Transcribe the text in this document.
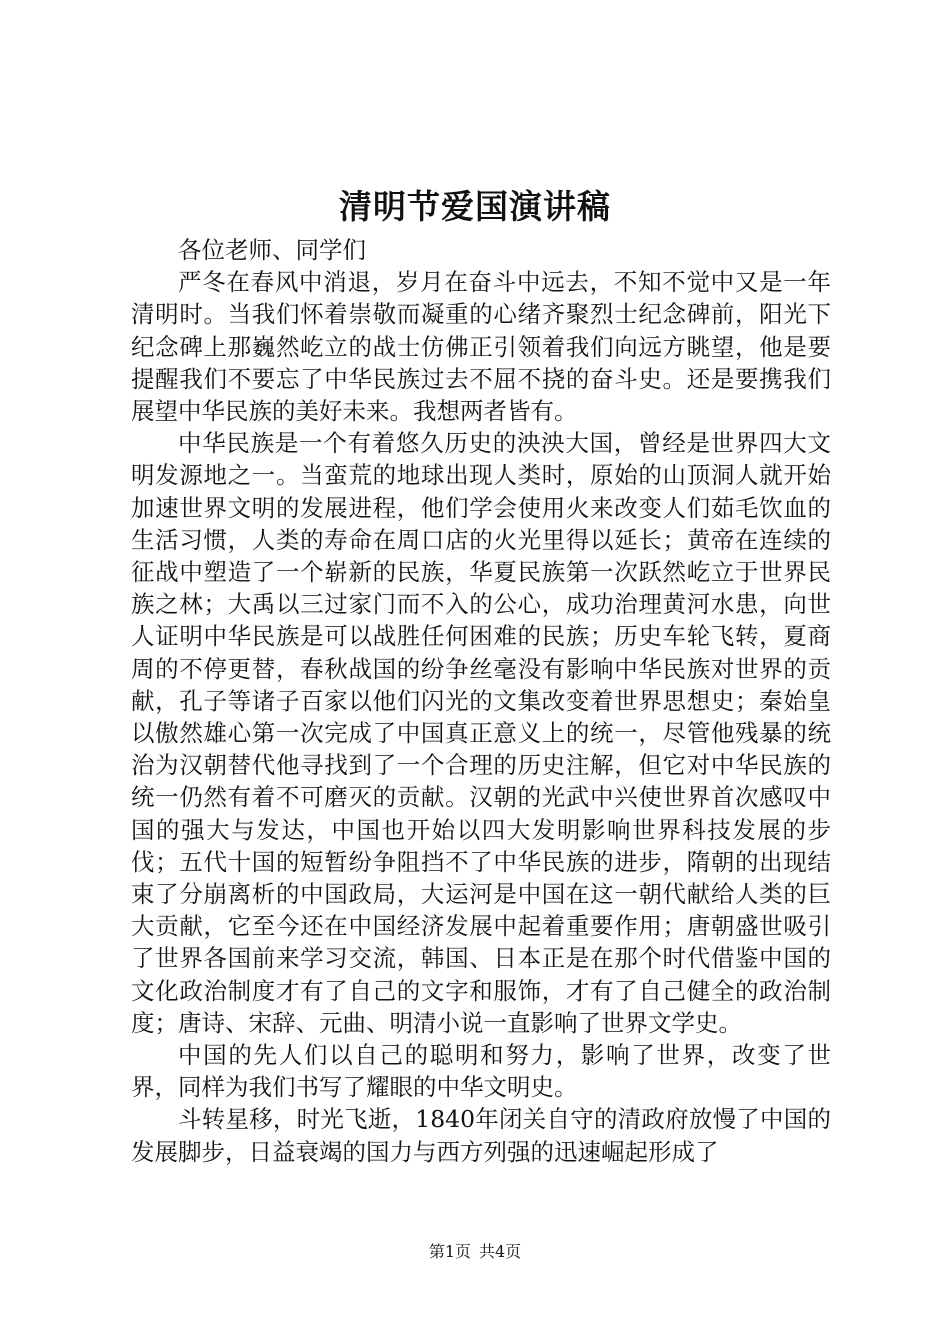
清明节爱国演讲稿

各位老师、同学们

严冬在春风中消退，岁月在奋斗中远去，不知不觉中又是一年清明时。当我们怀着崇敬而凝重的心绪齐聚烈士纪念碑前，阳光下纪念碑上那巍然屹立的战士仿佛正引领着我们向远方眺望，他是要提醒我们不要忘了中华民族过去不屈不挠的奋斗史。还是要携我们展望中华民族的美好未来。我想两者皆有。

中华民族是一个有着悠久历史的泱泱大国，曾经是世界四大文明发源地之一。当蛮荒的地球出现人类时，原始的山顶洞人就开始加速世界文明的发展进程，他们学会使用火来改变人们茹毛饮血的生活习惯，人类的寿命在周口店的火光里得以延长；黄帝在连续的征战中塑造了一个崭新的民族，华夏民族第一次跃然屹立于世界民族之林；大禹以三过家门而不入的公心，成功治理黄河水患，向世人证明中华民族是可以战胜任何困难的民族；历史车轮飞转，夏商周的不停更替，春秋战国的纷争丝毫没有影响中华民族对世界的贡献，孔子等诸子百家以他们闪光的文集改变着世界思想史；秦始皇以傲然雄心第一次完成了中国真正意义上的统一，尽管他残暴的统治为汉朝替代他寻找到了一个合理的历史注解，但它对中华民族的统一仍然有着不可磨灭的贡献。汉朝的光武中兴使世界首次感叹中国的强大与发达，中国也开始以四大发明影响世界科技发展的步伐；五代十国的短暂纷争阻挡不了中华民族的进步，隋朝的出现结束了分崩离析的中国政局，大运河是中国在这一朝代献给人类的巨大贡献，它至今还在中国经济发展中起着重要作用；唐朝盛世吸引了世界各国前来学习交流，韩国、日本正是在那个时代借鉴中国的文化政治制度才有了自己的文字和服饰，才有了自己健全的政治制度；唐诗、宋辞、元曲、明清小说一直影响了世界文学史。

中国的先人们以自己的聪明和努力，影响了世界，改变了世界，同样为我们书写了耀眼的中华文明史。

斗转星移，时光飞逝，1840年闭关自守的清政府放慢了中国的发展脚步，日益衰竭的国力与西方列强的迅速崛起形成了

第1页 共4页
